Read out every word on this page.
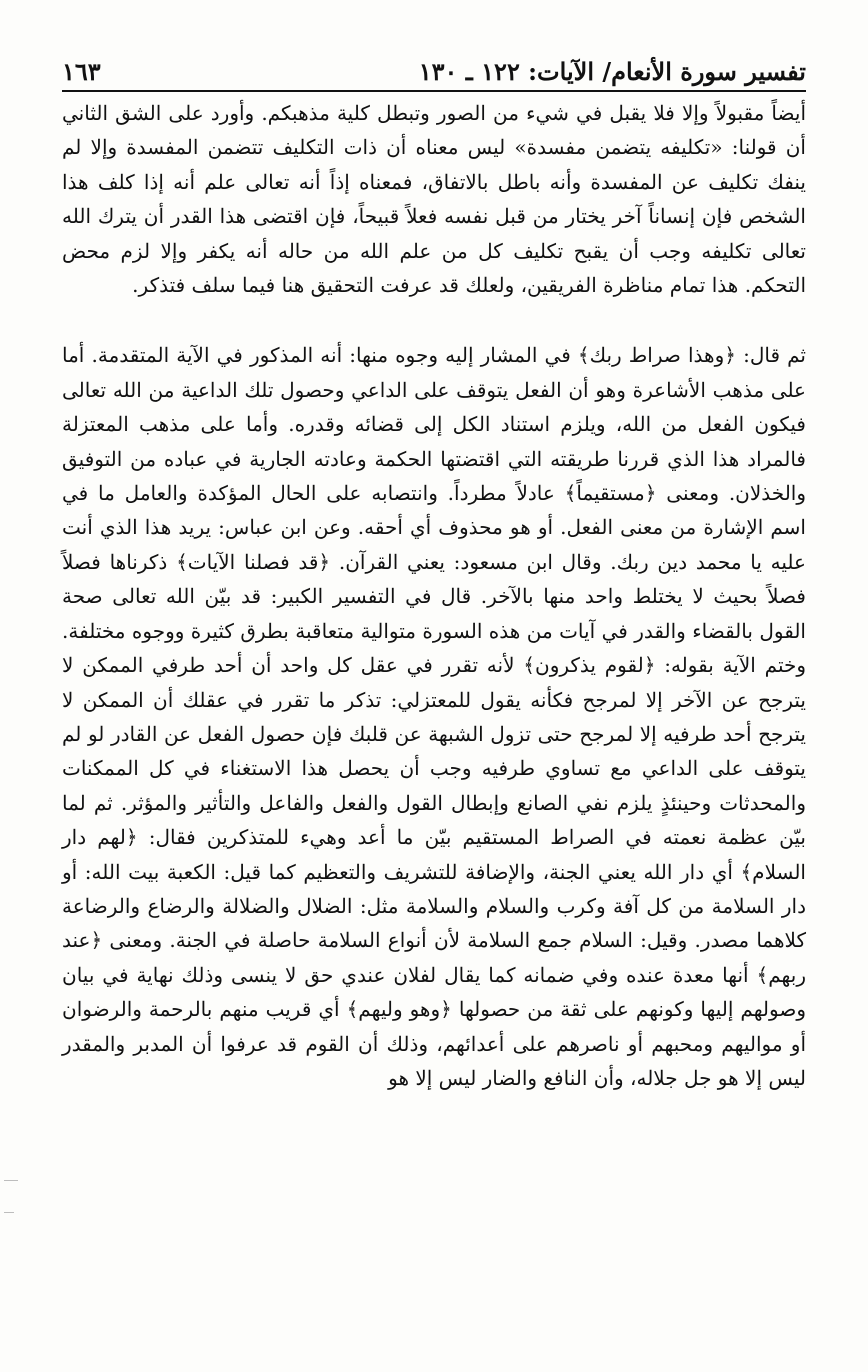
تفسير سورة الأنعام/ الآيات: ١٢٢ ـ ١٣٠
١٦٣

أيضاً مقبولاً وإلا فلا يقبل في شيء من الصور وتبطل كلية مذهبكم. وأورد على الشق الثاني أن قولنا: «تكليفه يتضمن مفسدة» ليس معناه أن ذات التكليف تتضمن المفسدة وإلا لم ينفك تكليف عن المفسدة وأنه باطل بالاتفاق، فمعناه إذاً أنه تعالى علم أنه إذا كلف هذا الشخص فإن إنساناً آخر يختار من قبل نفسه فعلاً قبيحاً، فإن اقتضى هذا القدر أن يترك الله تعالى تكليفه وجب أن يقبح تكليف كل من علم الله من حاله أنه يكفر وإلا لزم محض التحكم. هذا تمام مناظرة الفريقين، ولعلك قد عرفت التحقيق هنا فيما سلف فتذكر.

ثم قال: ﴿وهذا صراط ربك﴾ في المشار إليه وجوه منها: أنه المذكور في الآية المتقدمة. أما على مذهب الأشاعرة وهو أن الفعل يتوقف على الداعي وحصول تلك الداعية من الله تعالى فيكون الفعل من الله، ويلزم استناد الكل إلى قضائه وقدره. وأما على مذهب المعتزلة فالمراد هذا الذي قررنا طريقته التي اقتضتها الحكمة وعادته الجارية في عباده من التوفيق والخذلان. ومعنى ﴿مستقيماً﴾ عادلاً مطرداً. وانتصابه على الحال المؤكدة والعامل ما في اسم الإشارة من معنى الفعل. أو هو محذوف أي أحقه. وعن ابن عباس: يريد هذا الذي أنت عليه يا محمد دين ربك. وقال ابن مسعود: يعني القرآن. ﴿قد فصلنا الآيات﴾ ذكرناها فصلاً فصلاً بحيث لا يختلط واحد منها بالآخر. قال في التفسير الكبير: قد بيّن الله تعالى صحة القول بالقضاء والقدر في آيات من هذه السورة متوالية متعاقبة بطرق كثيرة ووجوه مختلفة. وختم الآية بقوله: ﴿لقوم يذكرون﴾ لأنه تقرر في عقل كل واحد أن أحد طرفي الممكن لا يترجح عن الآخر إلا لمرجح فكأنه يقول للمعتزلي: تذكر ما تقرر في عقلك أن الممكن لا يترجح أحد طرفيه إلا لمرجح حتى تزول الشبهة عن قلبك فإن حصول الفعل عن القادر لو لم يتوقف على الداعي مع تساوي طرفيه وجب أن يحصل هذا الاستغناء في كل الممكنات والمحدثات وحينئذٍ يلزم نفي الصانع وإبطال القول والفعل والفاعل والتأثير والمؤثر. ثم لما بيّن عظمة نعمته في الصراط المستقيم بيّن ما أعد وهيء للمتذكرين فقال: ﴿لهم دار السلام﴾ أي دار الله يعني الجنة، والإضافة للتشريف والتعظيم كما قيل: الكعبة بيت الله: أو دار السلامة من كل آفة وكرب والسلام والسلامة مثل: الضلال والضلالة والرضاع والرضاعة كلاهما مصدر. وقيل: السلام جمع السلامة لأن أنواع السلامة حاصلة في الجنة. ومعنى ﴿عند ربهم﴾ أنها معدة عنده وفي ضمانه كما يقال لفلان عندي حق لا ينسى وذلك نهاية في بيان وصولهم إليها وكونهم على ثقة من حصولها ﴿وهو وليهم﴾ أي قريب منهم بالرحمة والرضوان أو مواليهم ومحبهم أو ناصرهم على أعدائهم، وذلك أن القوم قد عرفوا أن المدبر والمقدر ليس إلا هو جل جلاله، وأن النافع والضار ليس إلا هو
